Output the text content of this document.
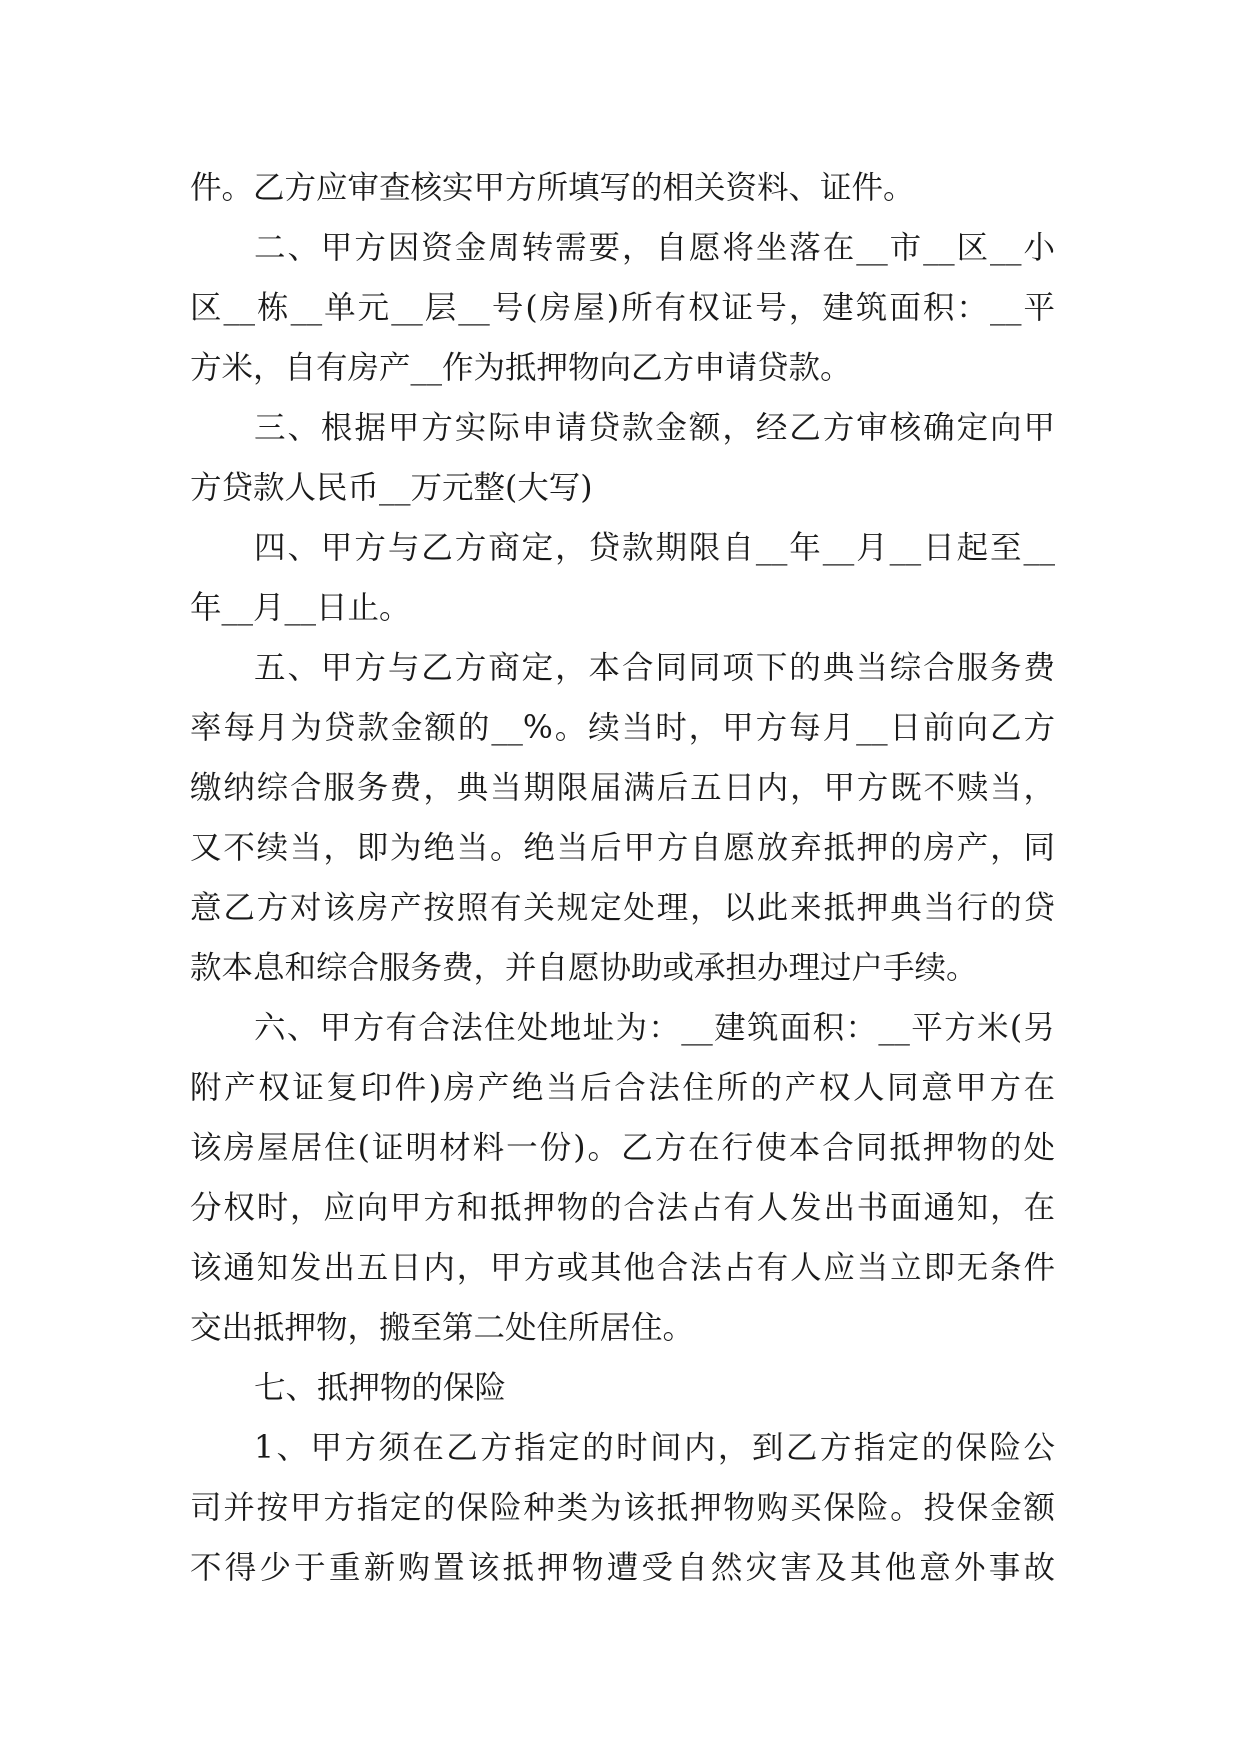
件。乙方应审查核实甲方所填写的相关资料、证件。
二、甲方因资金周转需要，自愿将坐落在__市__区__小
区__栋__单元__层__号(房屋)所有权证号，建筑面积：__平
方米，自有房产__作为抵押物向乙方申请贷款。
三、根据甲方实际申请贷款金额，经乙方审核确定向甲
方贷款人民币__万元整(大写)
四、甲方与乙方商定，贷款期限自__年__月__日起至__
年__月__日止。
五、甲方与乙方商定，本合同同项下的典当综合服务费
率每月为贷款金额的__%。续当时，甲方每月__日前向乙方
缴纳综合服务费，典当期限届满后五日内，甲方既不赎当，
又不续当，即为绝当。绝当后甲方自愿放弃抵押的房产，同
意乙方对该房产按照有关规定处理，以此来抵押典当行的贷
款本息和综合服务费，并自愿协助或承担办理过户手续。
六、甲方有合法住处地址为：__建筑面积：__平方米(另
附产权证复印件)房产绝当后合法住所的产权人同意甲方在
该房屋居住(证明材料一份)。乙方在行使本合同抵押物的处
分权时，应向甲方和抵押物的合法占有人发出书面通知，在
该通知发出五日内，甲方或其他合法占有人应当立即无条件
交出抵押物，搬至第二处住所居住。
七、抵押物的保险
1、甲方须在乙方指定的时间内，到乙方指定的保险公
司并按甲方指定的保险种类为该抵押物购买保险。投保金额
不得少于重新购置该抵押物遭受自然灾害及其他意外事故
